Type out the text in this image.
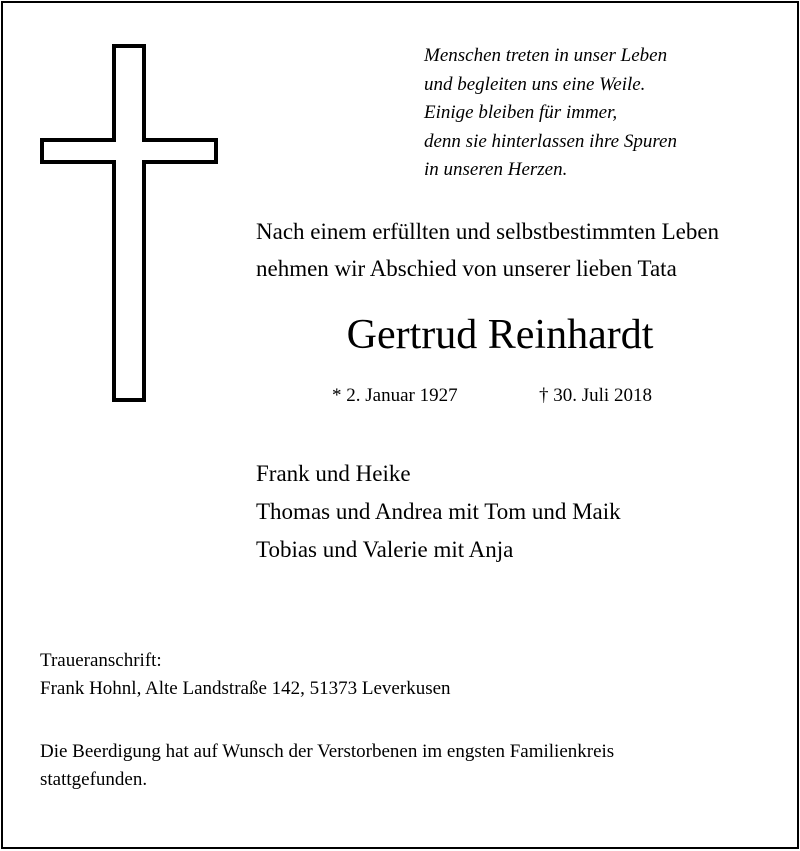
Menschen treten in unser Leben
und begleiten uns eine Weile.
Einige bleiben für immer,
denn sie hinterlassen ihre Spuren
in unseren Herzen.
Nach einem erfüllten und selbstbestimmten Leben
nehmen wir Abschied von unserer lieben Tata
Gertrud Reinhardt
* 2. Januar 1927	† 30. Juli 2018
Frank und Heike
Thomas und Andrea mit Tom und Maik
Tobias und Valerie mit Anja
Traueranschrift:
Frank Hohnl, Alte Landstraße 142, 51373 Leverkusen
Die Beerdigung hat auf Wunsch der Verstorbenen im engsten Familienkreis
stattgefunden.
